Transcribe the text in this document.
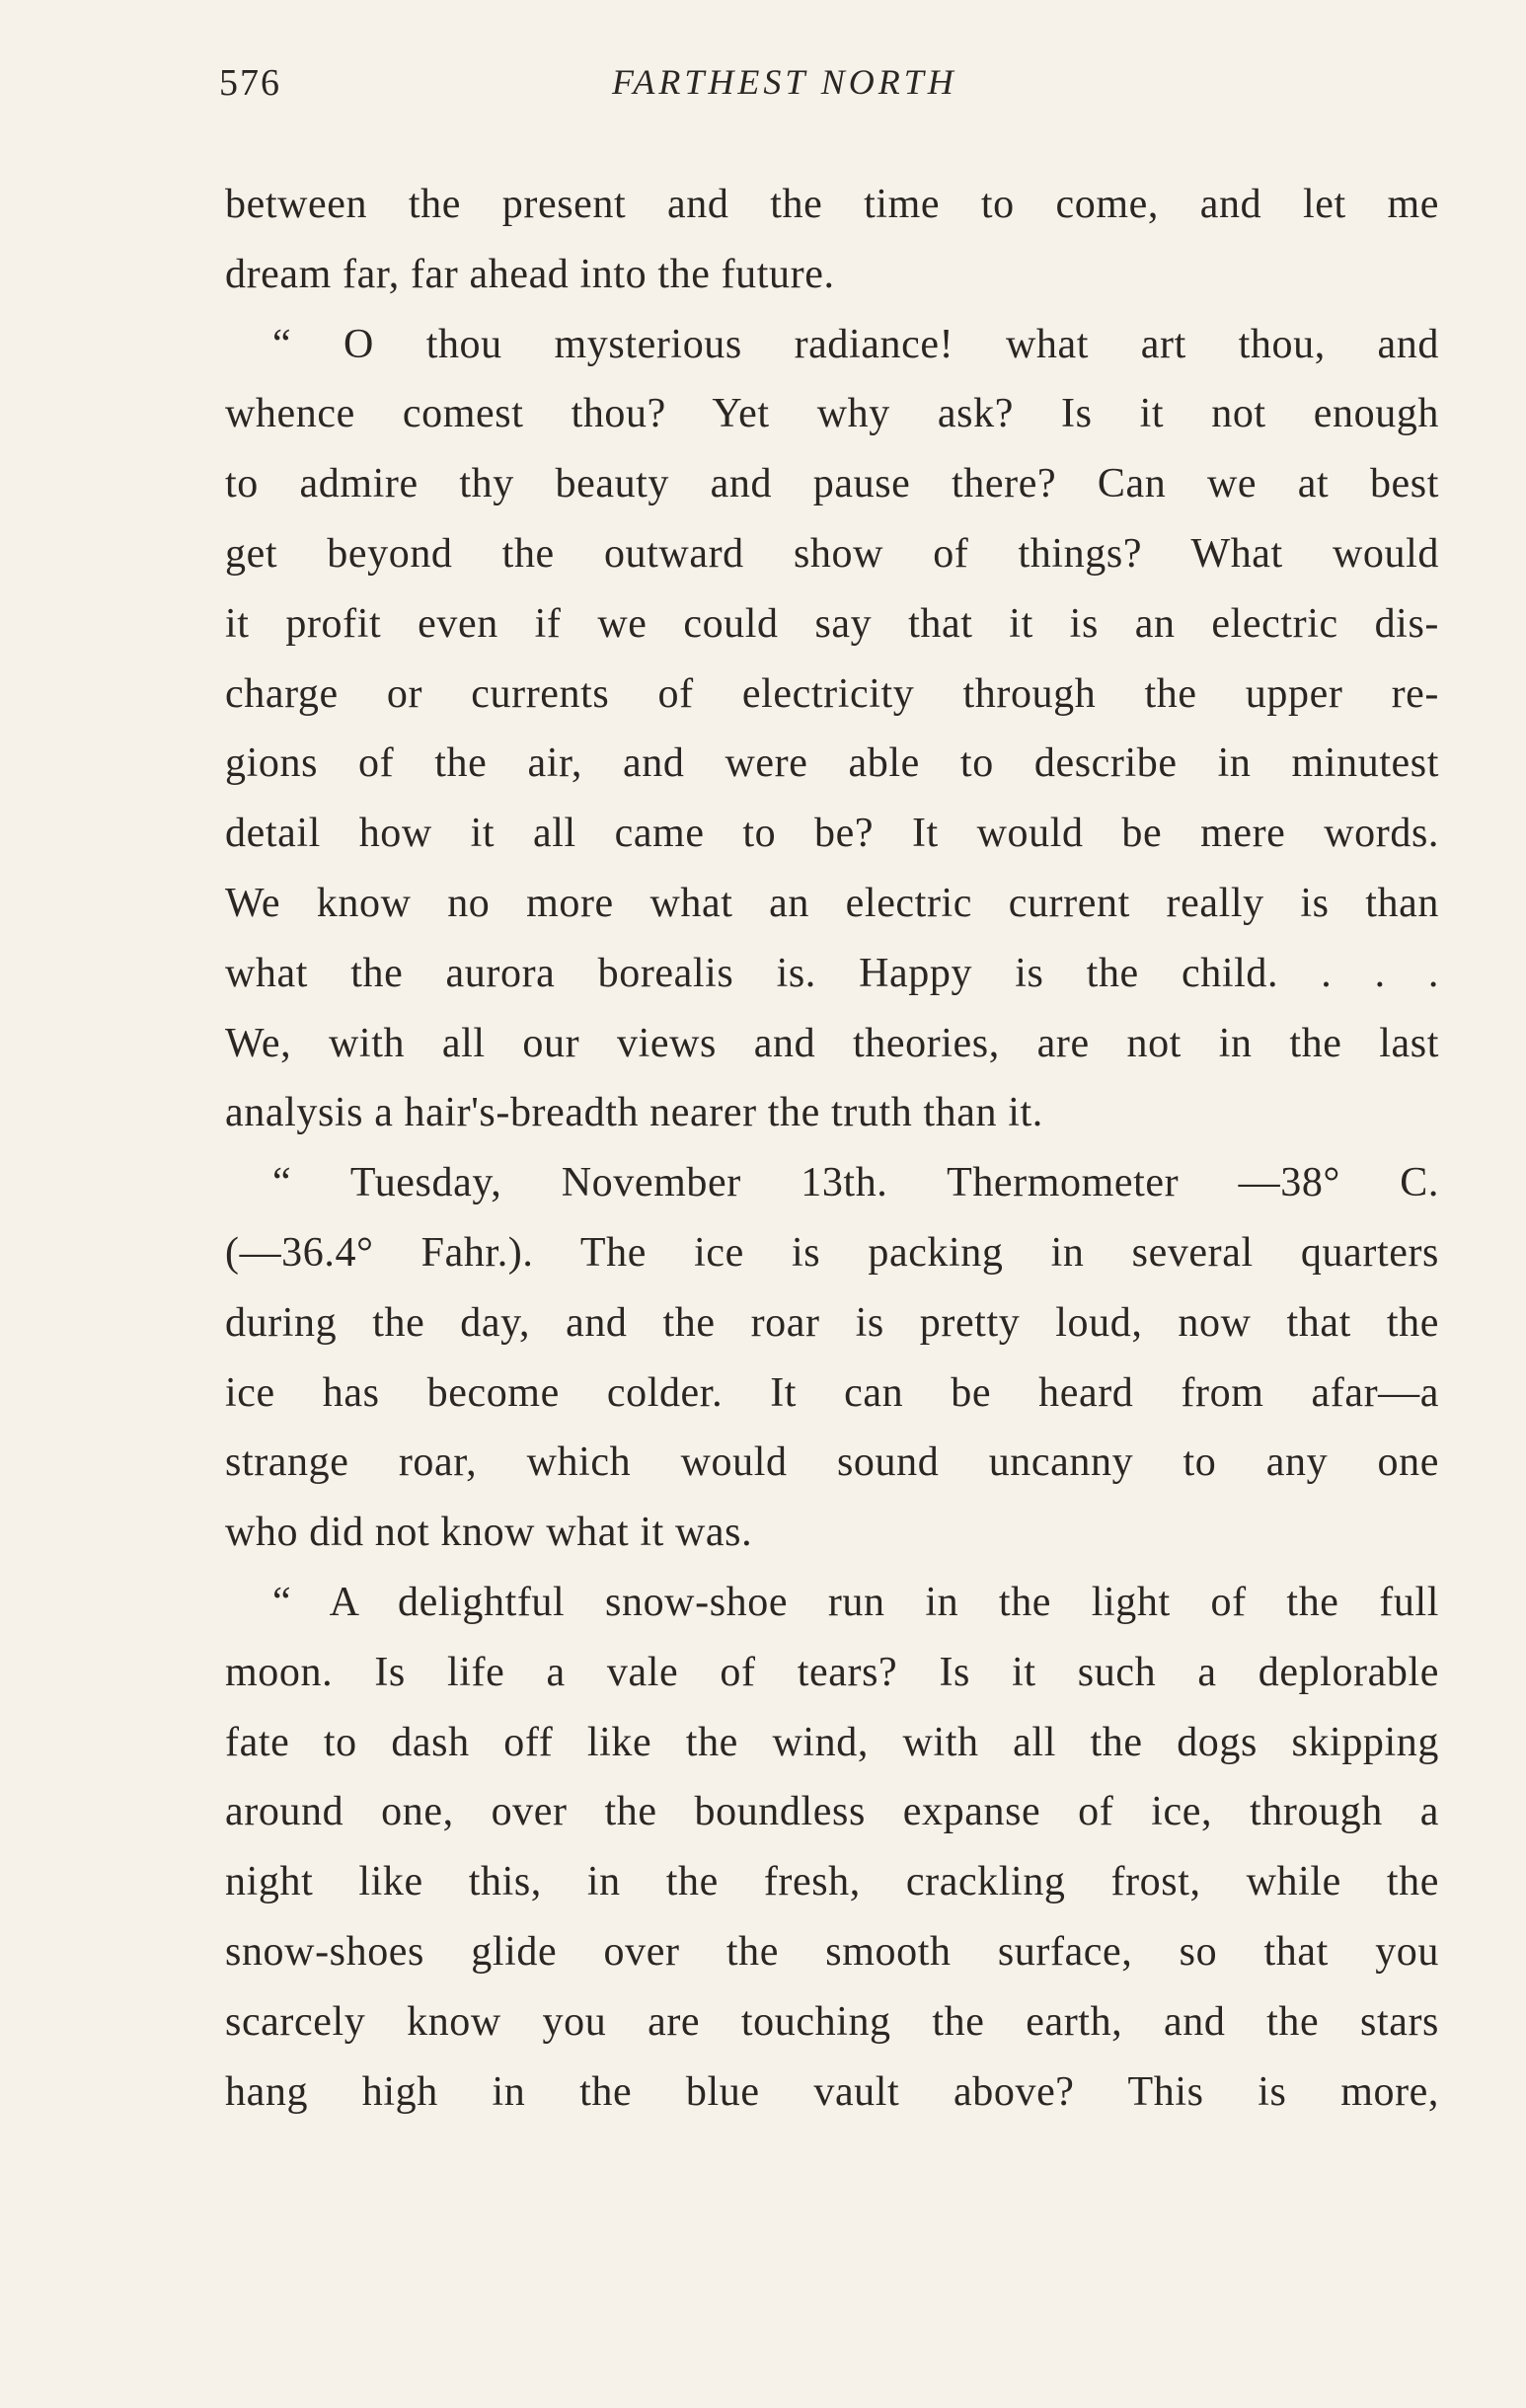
576	FARTHEST NORTH
between the present and the time to come, and let me
dream far, far ahead into the future.
“ O thou mysterious radiance! what art thou, and
whence comest thou? Yet why ask? Is it not enough
to admire thy beauty and pause there? Can we at best
get beyond the outward show of things? What would
it profit even if we could say that it is an electric dis-
charge or currents of electricity through the upper re-
gions of the air, and were able to describe in minutest
detail how it all came to be? It would be mere words.
We know no more what an electric current really is than
what the aurora borealis is. Happy is the child. . . .
We, with all our views and theories, are not in the last
analysis a hair's-breadth nearer the truth than it.
“ Tuesday, November 13th. Thermometer —38° C.
(—36.4° Fahr.). The ice is packing in several quarters
during the day, and the roar is pretty loud, now that the
ice has become colder. It can be heard from afar—a
strange roar, which would sound uncanny to any one
who did not know what it was.
“ A delightful snow-shoe run in the light of the full
moon. Is life a vale of tears? Is it such a deplorable
fate to dash off like the wind, with all the dogs skipping
around one, over the boundless expanse of ice, through a
night like this, in the fresh, crackling frost, while the
snow-shoes glide over the smooth surface, so that you
scarcely know you are touching the earth, and the stars
hang high in the blue vault above? This is more,
